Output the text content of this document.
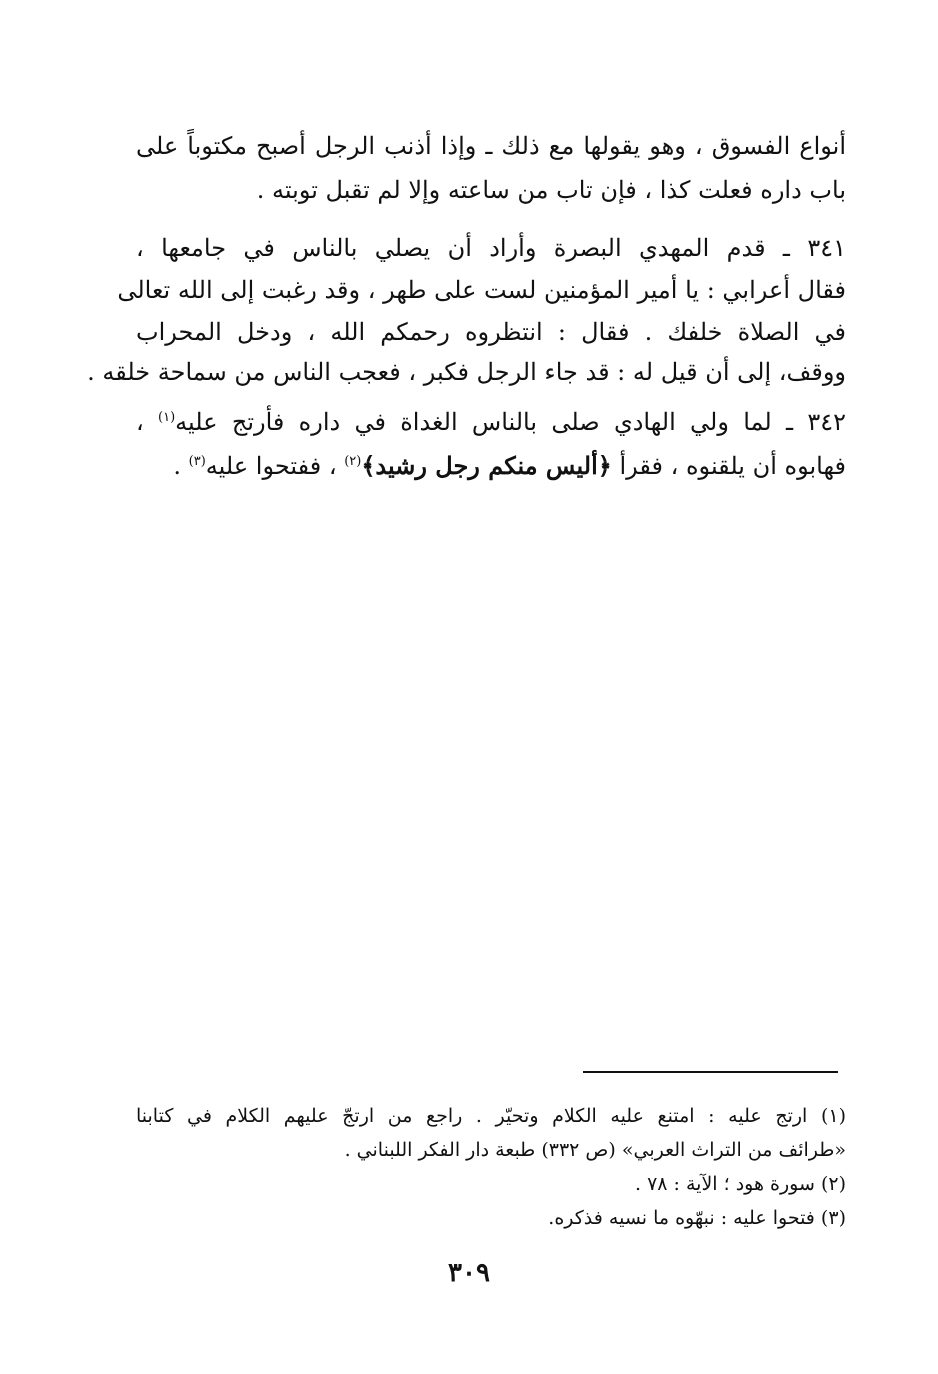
أنواع الفسوق ، وهو يقولها مع ذلك ـ وإذا أذنب الرجل أصبح مكتوباً على
باب داره فعلت كذا ، فإن تاب من ساعته وإلا لم تقبل توبته .
٣٤١ ـ قدم المهدي البصرة وأراد أن يصلي بالناس في جامعها ،
فقال أعرابي : يا أمير المؤمنين لست على طهر ، وقد رغبت إلى الله تعالى
في الصلاة خلفك . فقال : انتظروه رحمكم الله ، ودخل المحراب
ووقف، إلى أن قيل له : قد جاء الرجل فكبر ، فعجب الناس من سماحة خلقه .
٣٤٢ ـ لما ولي الهادي صلى بالناس الغداة في داره فأرتج عليه$^{(١)}$ ،
فهابوه أن يلقنوه ، فقرأ ﴿أليس منكم رجل رشيد﴾$^{(٢)}$ ، ففتحوا عليه$^{(٣)}$ .
(١) ارتج عليه : امتنع عليه الكلام وتحيّر . راجع من ارتجّ عليهم الكلام في كتابنا
«طرائف من التراث العربي» (ص ٣٣٢) طبعة دار الفكر اللبناني .
(٢) سورة هود ؛ الآية : ٧٨ .
(٣) فتحوا عليه : نبهّوه ما نسيه فذكره.
٣٠٩
